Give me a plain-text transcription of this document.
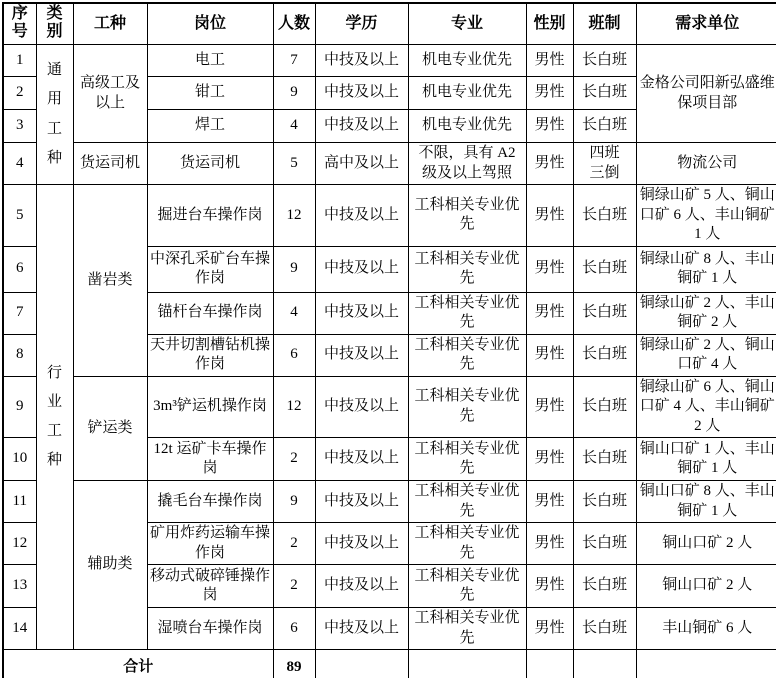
序号	类别	工种	岗位	人数	学历	专业	性别	班制	需求单位
1	通用工种	高级工及以上	电工	7	中技及以上	机电专业优先	男性	长白班	金格公司阳新弘盛维保项目部
2			钳工	9	中技及以上	机电专业优先	男性	长白班	
3			焊工	4	中技及以上	机电专业优先	男性	长白班	
4		货运司机	货运司机	5	高中及以上	不限，具有 A2 级及以上驾照	男性	四班三倒	物流公司
5	行业工种	凿岩类	掘进台车操作岗	12	中技及以上	工科相关专业优先	男性	长白班	铜绿山矿 5 人、铜山口矿 6 人、丰山铜矿 1 人
6			中深孔采矿台车操作岗	9	中技及以上	工科相关专业优先	男性	长白班	铜绿山矿 8 人、丰山铜矿 1 人
7			锚杆台车操作岗	4	中技及以上	工科相关专业优先	男性	长白班	铜绿山矿 2 人、丰山铜矿 2 人
8			天井切割槽钻机操作岗	6	中技及以上	工科相关专业优先	男性	长白班	铜绿山矿 2 人、铜山口矿 4 人
9		铲运类	3m³铲运机操作岗	12	中技及以上	工科相关专业优先	男性	长白班	铜绿山矿 6 人、铜山口矿 4 人、丰山铜矿 2 人
10			12t 运矿卡车操作岗	2	中技及以上	工科相关专业优先	男性	长白班	铜山口矿 1 人、丰山铜矿 1 人
11		辅助类	撬毛台车操作岗	9	中技及以上	工科相关专业优先	男性	长白班	铜山口矿 8 人、丰山铜矿 1 人
12			矿用炸药运输车操作岗	2	中技及以上	工科相关专业优先	男性	长白班	铜山口矿 2 人
13			移动式破碎锤操作岗	2	中技及以上	工科相关专业优先	男性	长白班	铜山口矿 2 人
14			湿喷台车操作岗	6	中技及以上	工科相关专业优先	男性	长白班	丰山铜矿 6 人
合计				89					
